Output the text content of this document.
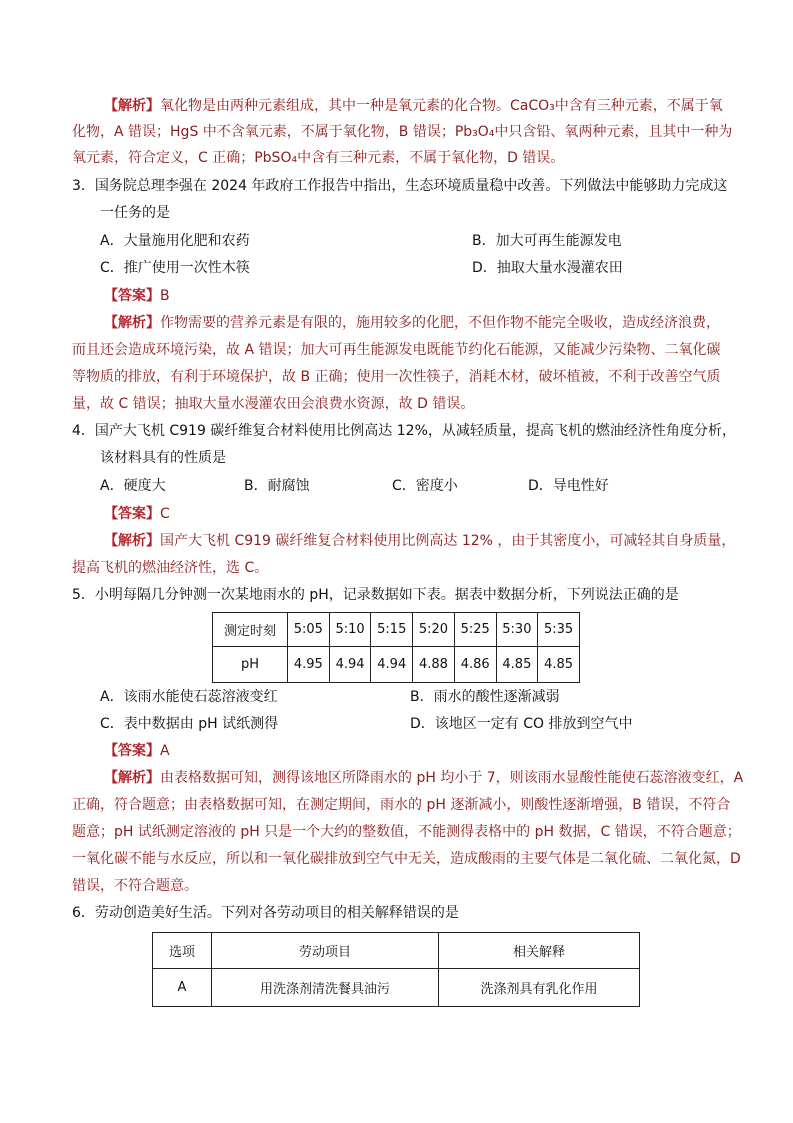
【解析】氧化物是由两种元素组成，其中一种是氧元素的化合物。CaCO₃中含有三种元素，不属于氧
化物，A 错误；HgS 中不含氧元素，不属于氧化物，B 错误；Pb₃O₄中只含铅、氧两种元素，且其中一种为
氧元素，符合定义，C 正确；PbSO₄中含有三种元素，不属于氧化物，D 错误。
3．国务院总理李强在 2024 年政府工作报告中指出，生态环境质量稳中改善。下列做法中能够助力完成这
一任务的是
A．大量施用化肥和农药	B．加大可再生能源发电
C．推广使用一次性木筷	D．抽取大量水漫灌农田
【答案】B
【解析】作物需要的营养元素是有限的，施用较多的化肥，不但作物不能完全吸收，造成经济浪费，
而且还会造成环境污染，故 A 错误；加大可再生能源发电既能节约化石能源，又能减少污染物、二氧化碳
等物质的排放，有利于环境保护，故 B 正确；使用一次性筷子，消耗木材，破坏植被，不利于改善空气质
量，故 C 错误；抽取大量水漫灌农田会浪费水资源，故 D 错误。
4．国产大飞机 C919 碳纤维复合材料使用比例高达 12%，从减轻质量，提高飞机的燃油经济性角度分析，
该材料具有的性质是
A．硬度大	B．耐腐蚀	C．密度小	D．导电性好
【答案】C
【解析】国产大飞机 C919 碳纤维复合材料使用比例高达 12% ，由于其密度小，可减轻其自身质量，
提高飞机的燃油经济性，选 C。
5．小明每隔几分钟测一次某地雨水的 pH，记录数据如下表。据表中数据分析，下列说法正确的是
测定时刻	5:05	5:10	5:15	5:20	5:25	5:30	5:35
pH	4.95	4.94	4.94	4.88	4.86	4.85	4.85
A．该雨水能使石蕊溶液变红	B．雨水的酸性逐渐减弱
C．表中数据由 pH 试纸测得	D．该地区一定有 CO 排放到空气中
【答案】A
【解析】由表格数据可知，测得该地区所降雨水的 pH 均小于 7，则该雨水显酸性能使石蕊溶液变红，A
正确，符合题意；由表格数据可知，在测定期间，雨水的 pH 逐渐减小，则酸性逐渐增强，B 错误，不符合
题意；pH 试纸测定溶液的 pH 只是一个大约的整数值，不能测得表格中的 pH 数据，C 错误，不符合题意；
一氧化碳不能与水反应，所以和一氧化碳排放到空气中无关，造成酸雨的主要气体是二氧化硫、二氧化氮，D
错误，不符合题意。
6．劳动创造美好生活。下列对各劳动项目的相关解释错误的是
选项	劳动项目	相关解释
A	用洗涤剂清洗餐具油污	洗涤剂具有乳化作用
